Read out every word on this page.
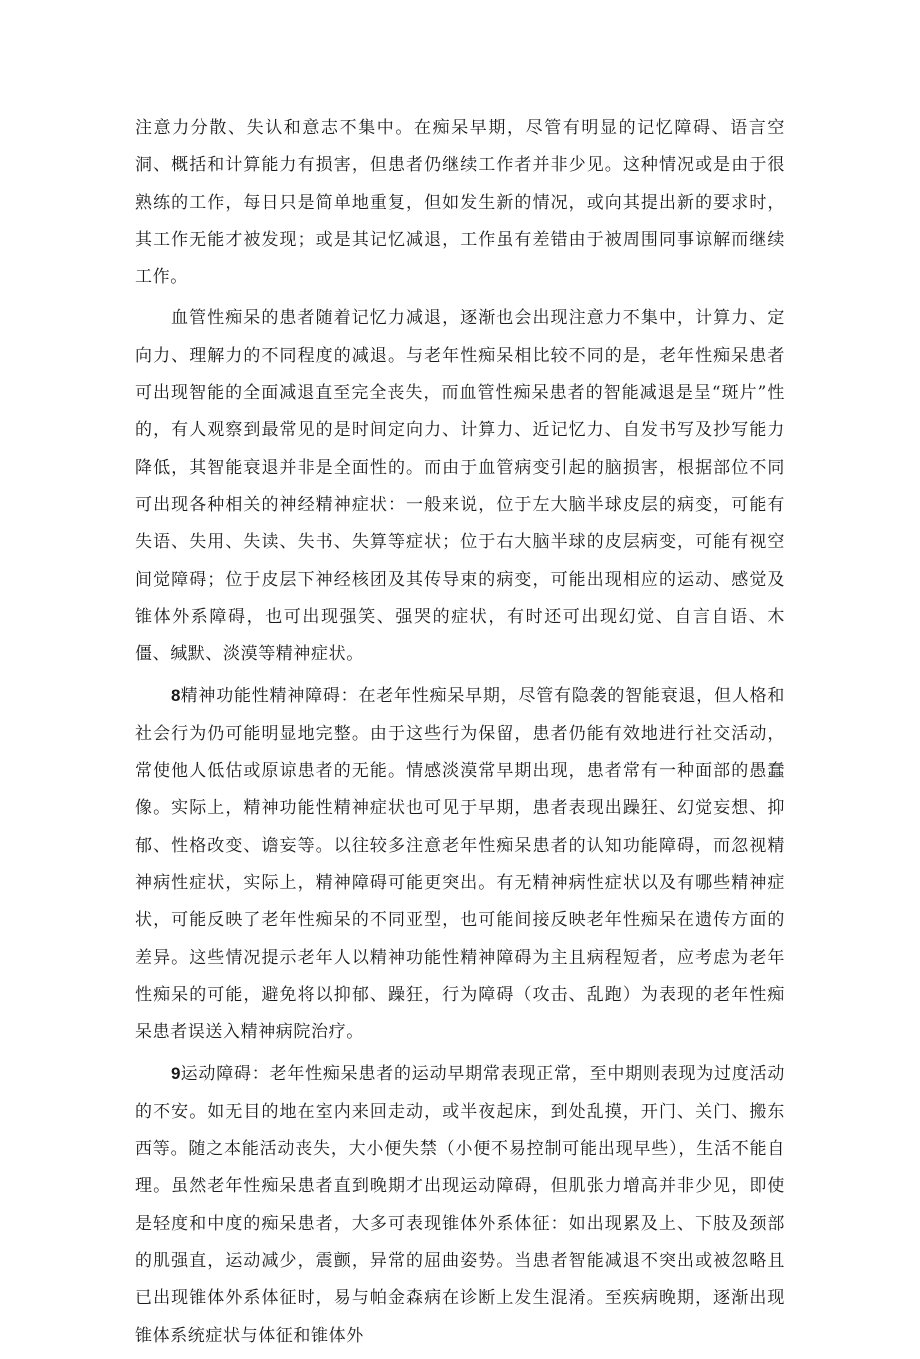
注意力分散、失认和意志不集中。在痴呆早期，尽管有明显的记忆障碍、语言空洞、概括和计算能力有损害，但患者仍继续工作者并非少见。这种情况或是由于很熟练的工作，每日只是简单地重复，但如发生新的情况，或向其提出新的要求时，其工作无能才被发现；或是其记忆减退，工作虽有差错由于被周围同事谅解而继续工作。

血管性痴呆的患者随着记忆力减退，逐渐也会出现注意力不集中，计算力、定向力、理解力的不同程度的减退。与老年性痴呆相比较不同的是，老年性痴呆患者可出现智能的全面减退直至完全丧失，而血管性痴呆患者的智能减退是呈“斑片”性的，有人观察到最常见的是时间定向力、计算力、近记忆力、自发书写及抄写能力降低，其智能衰退并非是全面性的。而由于血管病变引起的脑损害，根据部位不同可出现各种相关的神经精神症状：一般来说，位于左大脑半球皮层的病变，可能有失语、失用、失读、失书、失算等症状；位于右大脑半球的皮层病变，可能有视空间觉障碍；位于皮层下神经核团及其传导束的病变，可能出现相应的运动、感觉及锥体外系障碍，也可出现强笑、强哭的症状，有时还可出现幻觉、自言自语、木僵、缄默、淡漠等精神症状。

8精神功能性精神障碍：在老年性痴呆早期，尽管有隐袭的智能衰退，但人格和社会行为仍可能明显地完整。由于这些行为保留，患者仍能有效地进行社交活动，常使他人低估或原谅患者的无能。情感淡漠常早期出现，患者常有一种面部的愚蠢像。实际上，精神功能性精神症状也可见于早期，患者表现出躁狂、幻觉妄想、抑郁、性格改变、谵妄等。以往较多注意老年性痴呆患者的认知功能障碍，而忽视精神病性症状，实际上，精神障碍可能更突出。有无精神病性症状以及有哪些精神症状，可能反映了老年性痴呆的不同亚型，也可能间接反映老年性痴呆在遗传方面的差异。这些情况提示老年人以精神功能性精神障碍为主且病程短者，应考虑为老年性痴呆的可能，避免将以抑郁、躁狂，行为障碍（攻击、乱跑）为表现的老年性痴呆患者误送入精神病院治疗。

9运动障碍：老年性痴呆患者的运动早期常表现正常，至中期则表现为过度活动的不安。如无目的地在室内来回走动，或半夜起床，到处乱摸，开门、关门、搬东西等。随之本能活动丧失，大小便失禁（小便不易控制可能出现早些），生活不能自理。虽然老年性痴呆患者直到晚期才出现运动障碍，但肌张力增高并非少见，即使是轻度和中度的痴呆患者，大多可表现锥体外系体征：如出现累及上、下肢及颈部的肌强直，运动减少，震颤，异常的屈曲姿势。当患者智能减退不突出或被忽略且已出现锥体外系体征时，易与帕金森病在诊断上发生混淆。至疾病晚期，逐渐出现锥体系统症状与体征和锥体外
